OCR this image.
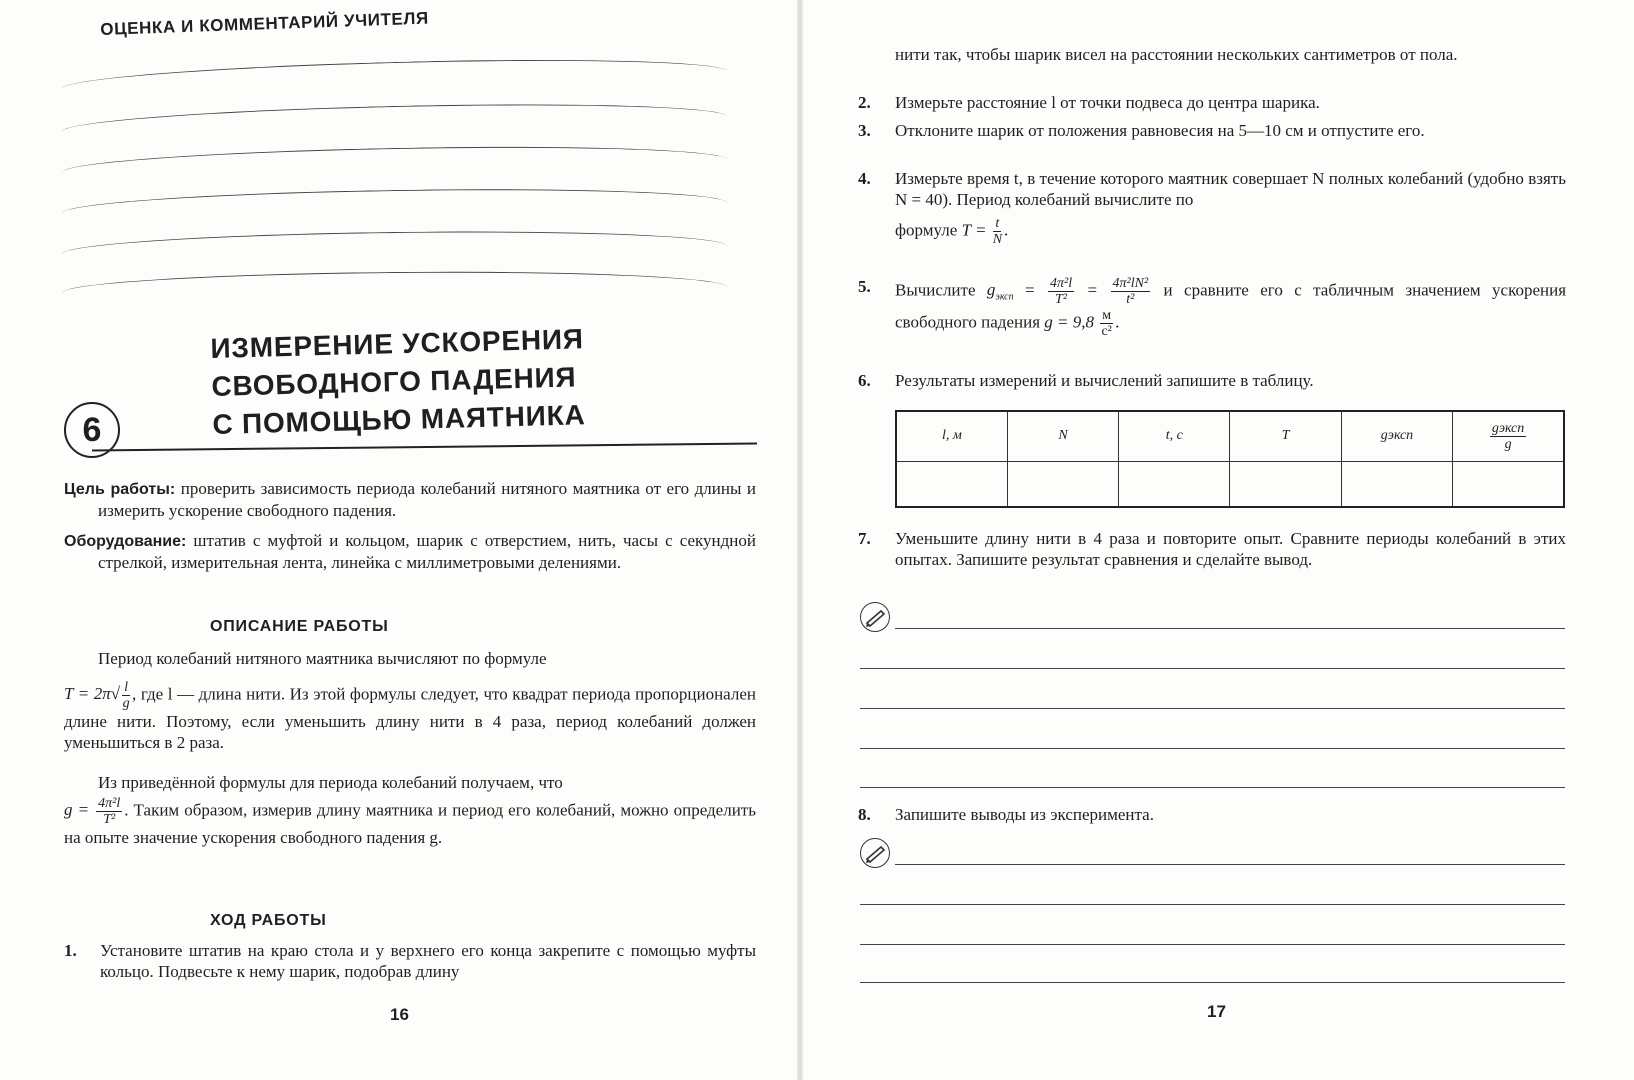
ОЦЕНКА И КОММЕНТАРИЙ УЧИТЕЛЯ
6
ИЗМЕРЕНИЕ УСКОРЕНИЯ
СВОБОДНОГО ПАДЕНИЯ
С ПОМОЩЬЮ МАЯТНИКА
Цель работы: проверить зависимость периода колебаний нитяного маятника от его длины и измерить ускорение свободного падения.
Оборудование: штатив с муфтой и кольцом, шарик с отверстием, нить, часы с секундной стрелкой, измерительная лента, линейка с миллиметровыми делениями.
ОПИСАНИЕ РАБОТЫ
Период колебаний нитяного маятника вычисляют по формуле
$T = 2\pi√ \frac{l}{g}$ , где l — длина нити. Из этой формулы следует, что квадрат периода пропорционален длине нити. Поэтому, если уменьшить длину нити в 4 раза, период колебаний должен уменьшиться в 2 раза.
Из приведённой формулы для периода колебаний получаем, что
$g = \frac{\text{4π²l}}{\text{T²}}$ . Таким образом, измерив длину маятника и период его колебаний, можно определить на опыте значение ускорения свободного падения g.
ХОД РАБОТЫ
1. Установите штатив на краю стола и у верхнего его конца закрепите с помощью муфты кольцо. Подвесьте к нему шарик, подобрав длину
16
нити так, чтобы шарик висел на расстоянии нескольких сантиметров от пола.
2.	Измерьте расстояние l от точки подвеса до центра шарика.
3.	Отклоните шарик от положения равновесия на 5—10 см и отпустите его.
4.	Измерьте время t, в течение которого маятник совершает N полных колебаний (удобно взять N = 40). Период колебаний вычислите по
формуле $T = \frac{t}{N}$ .
5.	Вычислите $g_{эксп} = \frac{\text{4π²l}}{\text{T²}} = \frac{\text{4π²lN²}}{\text{t²}}$ и сравните его с табличным значением ускорения свободного падения $g = 9,8 \frac{м}{\text{с²}}$ .
6.	Результаты измерений и вычислений запишите в таблицу.
l, м	N	t, с	T	gэксп	$\frac{\text{gэксп}}{g}$

7.	Уменьшите длину нити в 4 раза и повторите опыт. Сравните периоды колебаний в этих опытах. Запишите результат сравнения и сделайте вывод.
8.	Запишите выводы из эксперимента.
17
